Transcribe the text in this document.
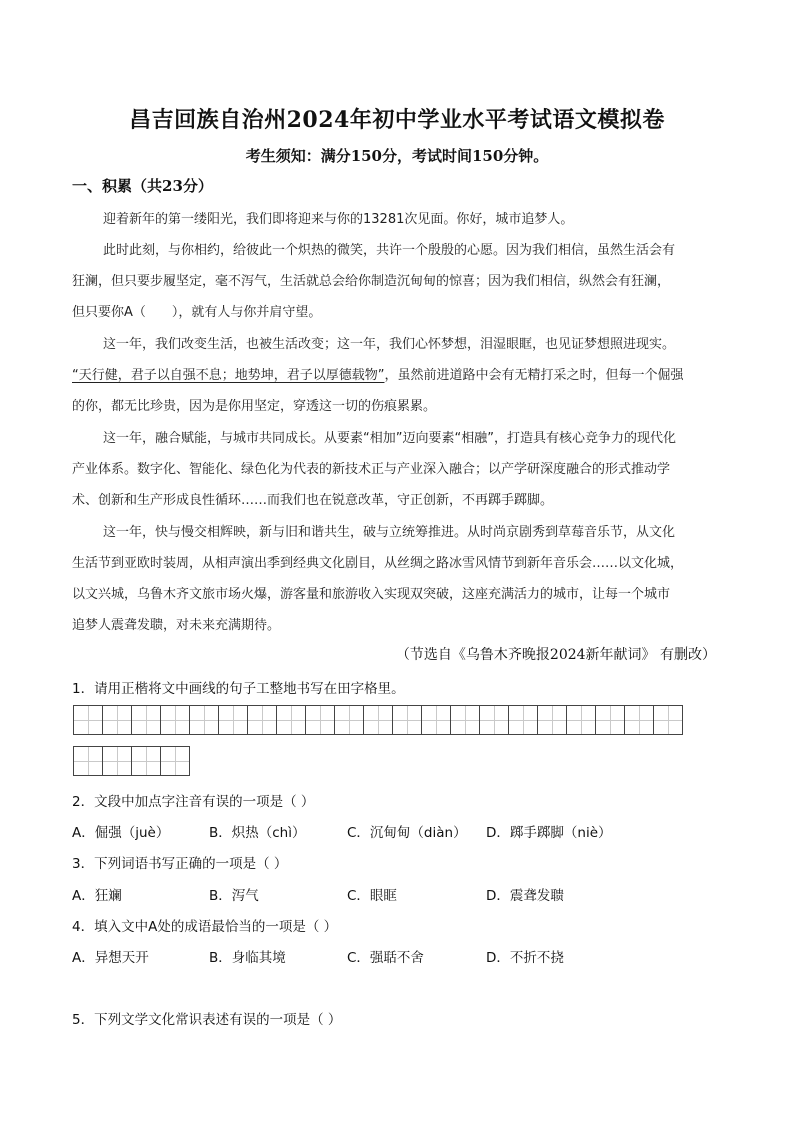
昌吉回族自治州2024年初中学业水平考试语文模拟卷
考生须知：满分150分，考试时间150分钟。
一、积累（共23分）
迎着新年的第一缕阳光，我们即将迎来与你的13281次见面。你好，城市追梦人。
此时此刻，与你相约，给彼此一个炽热的微笑，共许一个殷殷的心愿。因为我们相信，虽然生活会有
狂澜，但只要步履坚定，毫不泻气，生活就总会给你制造沉甸甸的惊喜；因为我们相信，纵然会有狂澜，
但只要你A（　　），就有人与你并肩守望。
这一年，我们改变生活，也被生活改变；这一年，我们心怀梦想，泪湿眼眶，也见证梦想照进现实。
“天行健，君子以自强不息；地势坤，君子以厚德载物”，虽然前进道路中会有无精打采之时，但每一个倔强
的你，都无比珍贵，因为是你用坚定，穿透这一切的伤痕累累。
这一年，融合赋能，与城市共同成长。从要素“相加”迈向要素“相融”，打造具有核心竞争力的现代化
产业体系。数字化、智能化、绿色化为代表的新技术正与产业深入融合；以产学研深度融合的形式推动学
术、创新和生产形成良性循环……而我们也在锐意改革，守正创新，不再踯手踯脚。
这一年，快与慢交相辉映，新与旧和谐共生，破与立统筹推进。从时尚京剧秀到草莓音乐节，从文化
生活节到亚欧时装周，从相声演出季到经典文化剧目，从丝绸之路冰雪风情节到新年音乐会……以文化城，
以文兴城，乌鲁木齐文旅市场火爆，游客量和旅游收入实现双突破，这座充满活力的城市，让每一个城市
追梦人震聋发聩，对未来充满期待。
（节选自《乌鲁木齐晚报2024新年献词》 有删改）
1．请用正楷将文中画线的句子工整地书写在田字格里。
2．文段中加点字注音有误的一项是（ ）
A．倔强（juè）	B．炽热（chì）	C．沉甸甸（diàn） D．踯手踯脚（niè）
3．下列词语书写正确的一项是（ ）
A．狂斓	B．泻气	C．眼眶	D．震聋发聩
4．填入文中A处的成语最恰当的一项是（ ）
A．异想天开	B．身临其境	C．强聒不舍	D．不折不挠
5．下列文学文化常识表述有误的一项是（ ）
